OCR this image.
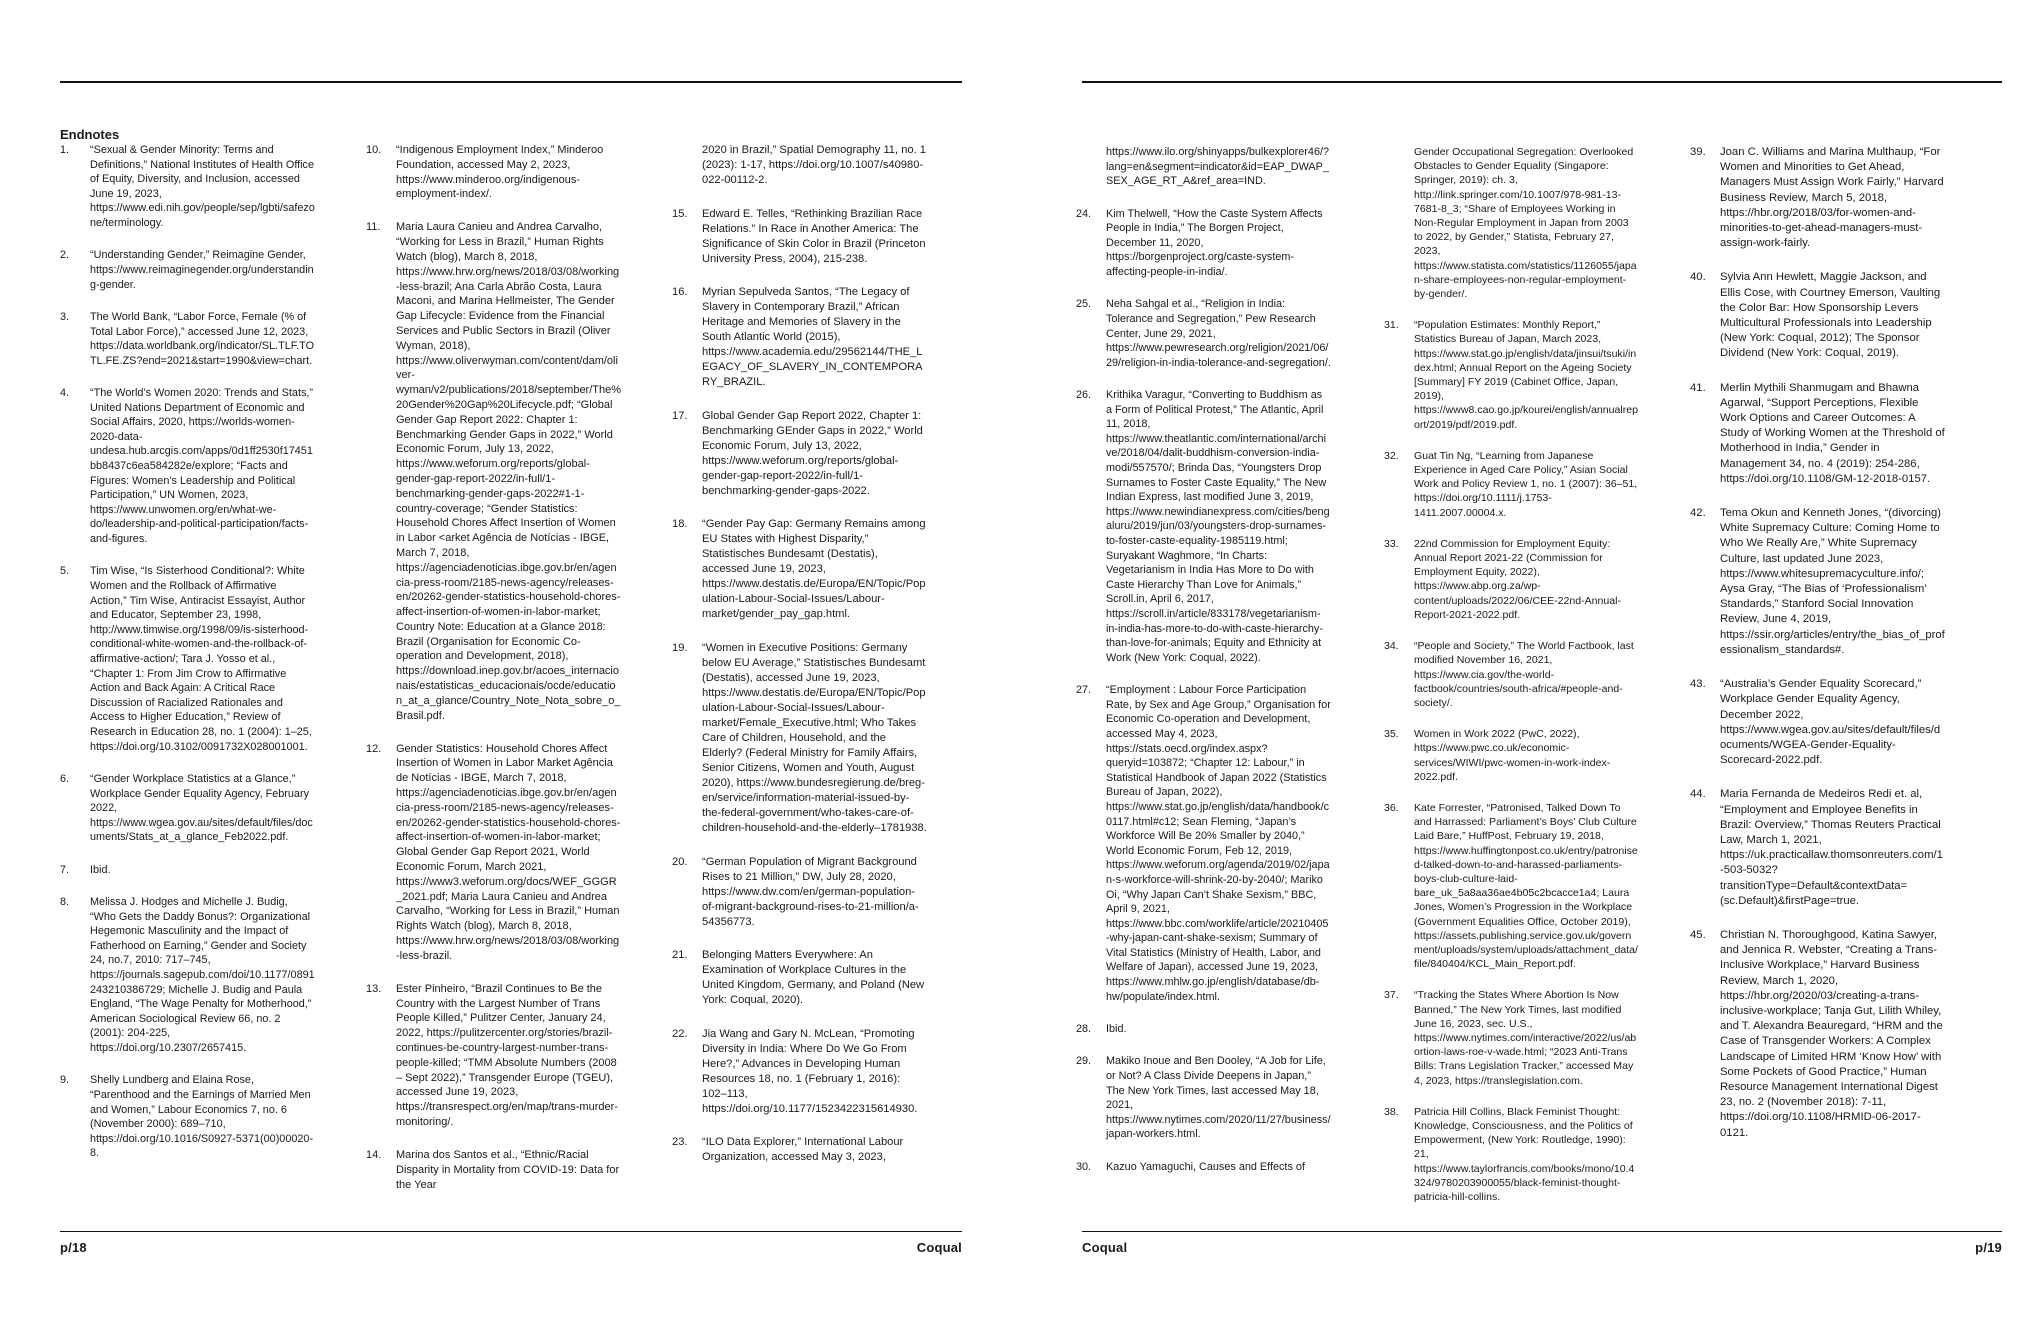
Endnotes
1.	“Sexual & Gender Minority: Terms and Definitions,” National Institutes of Health Office of Equity, Diversity, and Inclusion, accessed June 19, 2023, https://www.edi.nih.gov/people/sep/lgbti/safezone/terminology.
2.	“Understanding Gender,” Reimagine Gender, https://www.reimaginegender.org/understanding-gender.
3.	The World Bank, “Labor Force, Female (% of Total Labor Force),” accessed June 12, 2023, https://data.worldbank.org/indicator/SL.TLF.TOTL.FE.ZS?end=2021&start=1990&view=chart.
4.	“The World’s Women 2020: Trends and Stats,” United Nations Department of Economic and Social Affairs, 2020, https://worlds-women-2020-data-undesa.hub.arcgis.com/apps/0d1ff2530f17451bb8437c6ea584282e/explore; “Facts and Figures: Women’s Leadership and Political Participation,” UN Women, 2023, https://www.unwomen.org/en/what-we-do/leadership-and-political-participation/facts-and-figures.
5.	Tim Wise, “Is Sisterhood Conditional?: White Women and the Rollback of Affirmative Action,” Tim Wise, Antiracist Essayist, Author and Educator, September 23, 1998, http://www.timwise.org/1998/09/is-sisterhood-conditional-white-women-and-the-rollback-of-affirmative-action/; Tara J. Yosso et al., “Chapter 1: From Jim Crow to Affirmative Action and Back Again: A Critical Race Discussion of Racialized Rationales and Access to Higher Education,” Review of Research in Education 28, no. 1 (2004): 1–25, https://doi.org/10.3102/0091732X028001001.
6.	“Gender Workplace Statistics at a Glance,” Workplace Gender Equality Agency, February 2022, https://www.wgea.gov.au/sites/default/files/documents/Stats_at_a_glance_Feb2022.pdf.
7.	Ibid.
8.	Melissa J. Hodges and Michelle J. Budig, “Who Gets the Daddy Bonus?: Organizational Hegemonic Masculinity and the Impact of Fatherhood on Earning,” Gender and Society 24, no.7, 2010: 717–745, https://journals.sagepub.com/doi/10.1177/0891243210386729; Michelle J. Budig and Paula England, “The Wage Penalty for Motherhood,” American Sociological Review 66, no. 2 (2001): 204-225, https://doi.org/10.2307/2657415.
9.	Shelly Lundberg and Elaina Rose, “Parenthood and the Earnings of Married Men and Women,” Labour Economics 7, no. 6 (November 2000): 689–710, https://doi.org/10.1016/S0927-5371(00)00020-8.
10.	“Indigenous Employment Index,” Minderoo Foundation, accessed May 2, 2023, https://www.minderoo.org/indigenous-employment-index/.
11.	Maria Laura Canieu and Andrea Carvalho, “Working for Less in Brazil,” Human Rights Watch (blog), March 8, 2018, https://www.hrw.org/news/2018/03/08/working-less-brazil; Ana Carla Abrão Costa, Laura Maconi, and Marina Hellmeister, The Gender Gap Lifecycle: Evidence from the Financial Services and Public Sectors in Brazil (Oliver Wyman, 2018), https://www.oliverwyman.com/content/dam/oliver-wyman/v2/publications/2018/september/The%20Gender%20Gap%20Lifecycle.pdf; “Global Gender Gap Report 2022: Chapter 1: Benchmarking Gender Gaps in 2022,” World Economic Forum, July 13, 2022, https://www.weforum.org/reports/global-gender-gap-report-2022/in-full/1-benchmarking-gender-gaps-2022#1-1-country-coverage; “Gender Statistics: Household Chores Affect Insertion of Women in Labor <arket Agência de Notícias - IBGE, March 7, 2018, https://agenciadenoticias.ibge.gov.br/en/agencia-press-room/2185-news-agency/releases-en/20262-gender-statistics-household-chores-affect-insertion-of-women-in-labor-market; Country Note: Education at a Glance 2018: Brazil (Organisation for Economic Co-operation and Development, 2018), https://download.inep.gov.br/acoes_internacionais/estatisticas_educacionais/ocde/education_at_a_glance/Country_Note_Nota_sobre_o_Brasil.pdf.
12.	Gender Statistics: Household Chores Affect Insertion of Women in Labor Market Agência de Notícias - IBGE, March 7, 2018, https://agenciadenoticias.ibge.gov.br/en/agencia-press-room/2185-news-agency/releases-en/20262-gender-statistics-household-chores-affect-insertion-of-women-in-labor-market; Global Gender Gap Report 2021, World Economic Forum, March 2021, https://www3.weforum.org/docs/WEF_GGGR_2021.pdf; Maria Laura Canieu and Andrea Carvalho, “Working for Less in Brazil,” Human Rights Watch (blog), March 8, 2018, https://www.hrw.org/news/2018/03/08/working-less-brazil.
13.	Ester Pinheiro, “Brazil Continues to Be the Country with the Largest Number of Trans People Killed,” Pulitzer Center, January 24, 2022, https://pulitzercenter.org/stories/brazil-continues-be-country-largest-number-trans-people-killed; “TMM Absolute Numbers (2008 – Sept 2022),” Transgender Europe (TGEU), accessed June 19, 2023, https://transrespect.org/en/map/trans-murder-monitoring/.
14.	Marina dos Santos et al., “Ethnic/Racial Disparity in Mortality from COVID-19: Data for the Year
2020 in Brazil,” Spatial Demography 11, no. 1 (2023): 1-17, https://doi.org/10.1007/s40980-022-00112-2.
15.	Edward E. Telles, “Rethinking Brazilian Race Relations.” In Race in Another America: The Significance of Skin Color in Brazil (Princeton University Press, 2004), 215-238.
16.	Myrian Sepulveda Santos, “The Legacy of Slavery in Contemporary Brazil,” African Heritage and Memories of Slavery in the South Atlantic World (2015), https://www.academia.edu/29562144/THE_LEGACY_OF_SLAVERY_IN_CONTEMPORARY_BRAZIL.
17.	Global Gender Gap Report 2022, Chapter 1: Benchmarking GEnder Gaps in 2022,” World Economic Forum, July 13, 2022, https://www.weforum.org/reports/global-gender-gap-report-2022/in-full/1-benchmarking-gender-gaps-2022.
18.	“Gender Pay Gap: Germany Remains among EU States with Highest Disparity,” Statistisches Bundesamt (Destatis), accessed June 19, 2023, https://www.destatis.de/Europa/EN/Topic/Population-Labour-Social-Issues/Labour-market/gender_pay_gap.html.
19.	“Women in Executive Positions: Germany below EU Average,” Statistisches Bundesamt (Destatis), accessed June 19, 2023, https://www.destatis.de/Europa/EN/Topic/Population-Labour-Social-Issues/Labour-market/Female_Executive.html; Who Takes Care of Children, Household, and the Elderly? (Federal Ministry for Family Affairs, Senior Citizens, Women and Youth, August 2020), https://www.bundesregierung.de/breg-en/service/information-material-issued-by-the-federal-government/who-takes-care-of-children-household-and-the-elderly–1781938.
20.	“German Population of Migrant Background Rises to 21 Million,” DW, July 28, 2020, https://www.dw.com/en/german-population-of-migrant-background-rises-to-21-million/a-54356773.
21.	Belonging Matters Everywhere: An Examination of Workplace Cultures in the United Kingdom, Germany, and Poland (New York: Coqual, 2020).
22.	Jia Wang and Gary N. McLean, “Promoting Diversity in India: Where Do We Go From Here?,” Advances in Developing Human Resources 18, no. 1 (February 1, 2016): 102–113, https://doi.org/10.1177/1523422315614930.
23.	“ILO Data Explorer,” International Labour Organization, accessed May 3, 2023,
p/18	Coqual
https://www.ilo.org/shinyapps/bulkexplorer46/?lang=en&segment=indicator&id=EAP_DWAP_SEX_AGE_RT_A&ref_area=IND.
24.	Kim Thelwell, “How the Caste System Affects People in India,” The Borgen Project, December 11, 2020, https://borgenproject.org/caste-system-affecting-people-in-india/.
25.	Neha Sahgal et al., “Religion in India: Tolerance and Segregation,” Pew Research Center, June 29, 2021, https://www.pewresearch.org/religion/2021/06/29/religion-in-india-tolerance-and-segregation/.
26.	Krithika Varagur, “Converting to Buddhism as a Form of Political Protest,” The Atlantic, April 11, 2018, https://www.theatlantic.com/international/archive/2018/04/dalit-buddhism-conversion-india-modi/557570/; Brinda Das, “Youngsters Drop Surnames to Foster Caste Equality,” The New Indian Express, last modified June 3, 2019, https://www.newindianexpress.com/cities/bengaluru/2019/jun/03/youngsters-drop-surnames-to-foster-caste-equality-1985119.html; Suryakant Waghmore, “In Charts: Vegetarianism in India Has More to Do with Caste Hierarchy Than Love for Animals,” Scroll.in, April 6, 2017, https://scroll.in/article/833178/vegetarianism-in-india-has-more-to-do-with-caste-hierarchy-than-love-for-animals; Equity and Ethnicity at Work (New York: Coqual, 2022).
27.	“Employment : Labour Force Participation Rate, by Sex and Age Group,” Organisation for Economic Co-operation and Development, accessed May 4, 2023, https://stats.oecd.org/index.aspx?queryid=103872; “Chapter 12: Labour,” in Statistical Handbook of Japan 2022 (Statistics Bureau of Japan, 2022), https://www.stat.go.jp/english/data/handbook/c0117.html#c12; Sean Fleming, “Japan’s Workforce Will Be 20% Smaller by 2040,” World Economic Forum, Feb 12, 2019, https://www.weforum.org/agenda/2019/02/japan-s-workforce-will-shrink-20-by-2040/; Mariko Oi, “Why Japan Can’t Shake Sexism,” BBC, April 9, 2021, https://www.bbc.com/worklife/article/20210405-why-japan-cant-shake-sexism; Summary of Vital Statistics (Ministry of Health, Labor, and Welfare of Japan), accessed June 19, 2023, https://www.mhlw.go.jp/english/database/db-hw/populate/index.html.
28.	Ibid.
29.	Makiko Inoue and Ben Dooley, “A Job for Life, or Not? A Class Divide Deepens in Japan,” The New York Times, last accessed May 18, 2021, https://www.nytimes.com/2020/11/27/business/japan-workers.html.
30.	Kazuo Yamaguchi, Causes and Effects of
Gender Occupational Segregation: Overlooked Obstacles to Gender Equality (Singapore: Springer, 2019): ch. 3, http://link.springer.com/10.1007/978-981-13-7681-8_3; “Share of Employees Working in Non-Regular Employment in Japan from 2003 to 2022, by Gender,” Statista, February 27, 2023, https://www.statista.com/statistics/1126055/japan-share-employees-non-regular-employment-by-gender/.
31.	“Population Estimates: Monthly Report,” Statistics Bureau of Japan, March 2023, https://www.stat.go.jp/english/data/jinsui/tsuki/index.html; Annual Report on the Ageing Society [Summary] FY 2019 (Cabinet Office, Japan, 2019), https://www8.cao.go.jp/kourei/english/annualreport/2019/pdf/2019.pdf.
32.	Guat Tin Ng, “Learning from Japanese Experience in Aged Care Policy,” Asian Social Work and Policy Review 1, no. 1 (2007): 36–51, https://doi.org/10.1111/j.1753-1411.2007.00004.x.
33.	22nd Commission for Employment Equity: Annual Report 2021-22 (Commission for Employment Equity, 2022), https://www.abp.org.za/wp-content/uploads/2022/06/CEE-22nd-Annual-Report-2021-2022.pdf.
34.	“People and Society,” The World Factbook, last modified November 16, 2021, https://www.cia.gov/the-world-factbook/countries/south-africa/#people-and-society/.
35.	Women in Work 2022 (PwC, 2022), https://www.pwc.co.uk/economic-services/WIWI/pwc-women-in-work-index-2022.pdf.
36.	Kate Forrester, “Patronised, Talked Down To and Harrassed: Parliament’s Boys’ Club Culture Laid Bare,” HuffPost, February 19, 2018, https://www.huffingtonpost.co.uk/entry/patronised-talked-down-to-and-harassed-parliaments-boys-club-culture-laid-bare_uk_5a8aa36ae4b05c2bcacce1a4; Laura Jones, Women’s Progression in the Workplace (Government Equalities Office, October 2019), https://assets.publishing.service.gov.uk/government/uploads/system/uploads/attachment_data/file/840404/KCL_Main_Report.pdf.
37.	“Tracking the States Where Abortion Is Now Banned,” The New York Times, last modified June 16, 2023, sec. U.S., https://www.nytimes.com/interactive/2022/us/abortion-laws-roe-v-wade.html; “2023 Anti-Trans Bills: Trans Legislation Tracker,” accessed May 4, 2023, https://translegislation.com.
38.	Patricia Hill Collins, Black Feminist Thought: Knowledge, Consciousness, and the Politics of Empowerment, (New York: Routledge, 1990): 21, https://www.taylorfrancis.com/books/mono/10.4324/9780203900055/black-feminist-thought-patricia-hill-collins.
39.	Joan C. Williams and Marina Multhaup, “For Women and Minorities to Get Ahead, Managers Must Assign Work Fairly,” Harvard Business Review, March 5, 2018, https://hbr.org/2018/03/for-women-and-minorities-to-get-ahead-managers-must-assign-work-fairly.
40.	Sylvia Ann Hewlett, Maggie Jackson, and Ellis Cose, with Courtney Emerson, Vaulting the Color Bar: How Sponsorship Levers Multicultural Professionals into Leadership (New York: Coqual, 2012); The Sponsor Dividend (New York: Coqual, 2019).
41.	Merlin Mythili Shanmugam and Bhawna Agarwal, “Support Perceptions, Flexible Work Options and Career Outcomes: A Study of Working Women at the Threshold of Motherhood in India,” Gender in Management 34, no. 4 (2019): 254-286, https://doi.org/10.1108/GM-12-2018-0157.
42.	Tema Okun and Kenneth Jones, “(divorcing) White Supremacy Culture: Coming Home to Who We Really Are,” White Supremacy Culture, last updated June 2023, https://www.whitesupremacyculture.info/; Aysa Gray, “The Bias of ‘Professionalism’ Standards,” Stanford Social Innovation Review, June 4, 2019, https://ssir.org/articles/entry/the_bias_of_professionalism_standards#.
43.	“Australia’s Gender Equality Scorecard,” Workplace Gender Equality Agency, December 2022, https://www.wgea.gov.au/sites/default/files/documents/WGEA-Gender-Equality-Scorecard-2022.pdf.
44.	Maria Fernanda de Medeiros Redi et. al, “Employment and Employee Benefits in Brazil: Overview,” Thomas Reuters Practical Law, March 1, 2021, https://uk.practicallaw.thomsonreuters.com/1-503-5032?transitionType=Default&contextData=(sc.Default)&firstPage=true.
45.	Christian N. Thoroughgood, Katina Sawyer, and Jennica R. Webster, “Creating a Trans-Inclusive Workplace,” Harvard Business Review, March 1, 2020, https://hbr.org/2020/03/creating-a-trans-inclusive-workplace; Tanja Gut, Lilith Whiley, and T. Alexandra Beauregard, “HRM and the Case of Transgender Workers: A Complex Landscape of Limited HRM ‘Know How’ with Some Pockets of Good Practice,” Human Resource Management International Digest 23, no. 2 (November 2018): 7-11, https://doi.org/10.1108/HRMID-06-2017-0121.
Coqual	p/19
